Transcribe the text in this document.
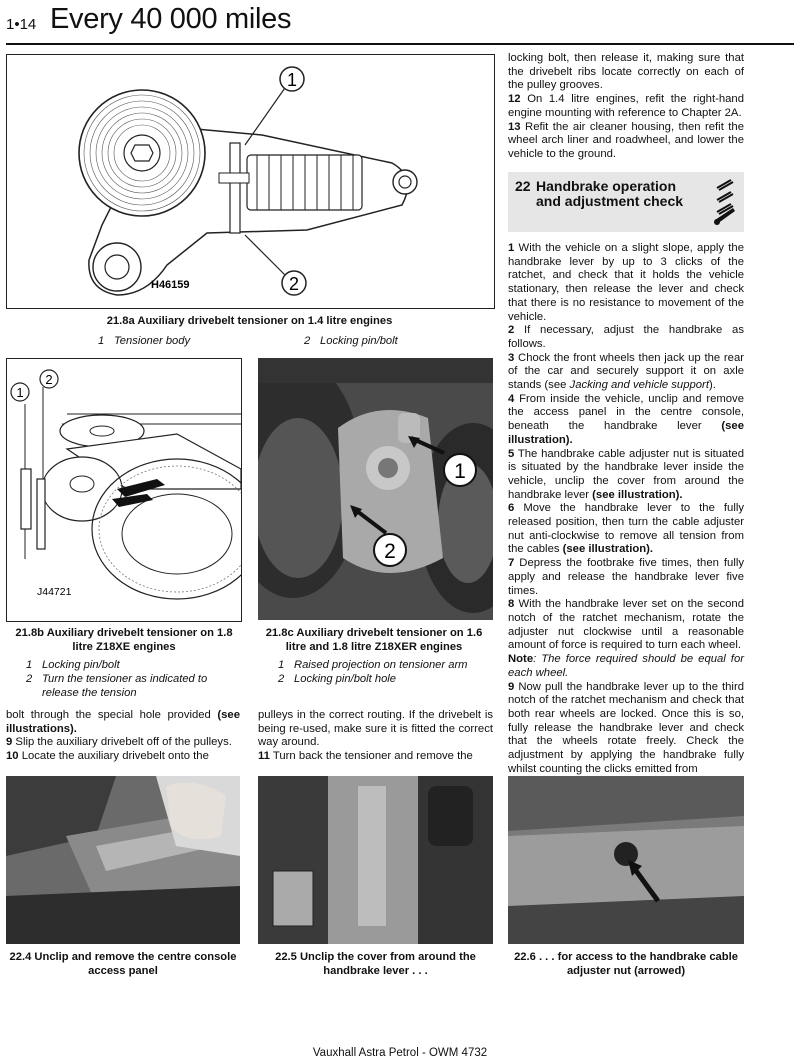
1•14 Every 40 000 miles
1
2
H46159
21.8a Auxiliary drivebelt tensioner on 1.4 litre engines
1 Tensioner body	2 Locking pin/bolt
1
2
J44721
21.8b Auxiliary drivebelt tensioner on 1.8 litre Z18XE engines
1 Locking pin/bolt
2 Turn the tensioner as indicated to release the tension
1
2
21.8c Auxiliary drivebelt tensioner on 1.6 litre and 1.8 litre Z18XER engines
1 Raised projection on tensioner arm
2 Locking pin/bolt hole

bolt through the special hole provided (see illustrations).

9 Slip the auxiliary drivebelt off of the pulleys.

10 Locate the auxiliary drivebelt onto the

pulleys in the correct routing. If the drivebelt is being re-used, make sure it is fitted the correct way around.

11 Turn back the tensioner and remove the

locking bolt, then release it, making sure that the drivebelt ribs locate correctly on each of the pulley grooves.

12 On 1.4 litre engines, refit the right-hand engine mounting with reference to Chapter 2A.

13 Refit the air cleaner housing, then refit the wheel arch liner and roadwheel, and lower the vehicle to the ground.

22 Handbrake operation
and adjustment check

1 With the vehicle on a slight slope, apply the handbrake lever by up to 3 clicks of the ratchet, and check that it holds the vehicle stationary, then release the lever and check that there is no resistance to movement of the vehicle.

2 If necessary, adjust the handbrake as follows.

3 Chock the front wheels then jack up the rear of the car and securely support it on axle stands (see Jacking and vehicle support).

4 From inside the vehicle, unclip and remove the access panel in the centre console, beneath the handbrake lever (see illustration).

5 The handbrake cable adjuster nut is situated is situated by the handbrake lever inside the vehicle, unclip the cover from around the handbrake lever (see illustration).

6 Move the handbrake lever to the fully released position, then turn the cable adjuster nut anti-clockwise to remove all tension from the cables (see illustration).

7 Depress the footbrake five times, then fully apply and release the handbrake lever five times.

8 With the handbrake lever set on the second notch of the ratchet mechanism, rotate the adjuster nut clockwise until a reasonable amount of force is required to turn each wheel.

Note: The force required should be equal for each wheel.

9 Now pull the handbrake lever up to the third notch of the ratchet mechanism and check that both rear wheels are locked. Once this is so, fully release the handbrake lever and check that the wheels rotate freely. Check the adjustment by applying the handbrake fully whilst counting the clicks emitted from

22.4 Unclip and remove the centre console access panel
22.5 Unclip the cover from around the handbrake lever . . .
22.6 . . . for access to the handbrake cable adjuster nut (arrowed)
Vauxhall Astra Petrol - OWM 4732
